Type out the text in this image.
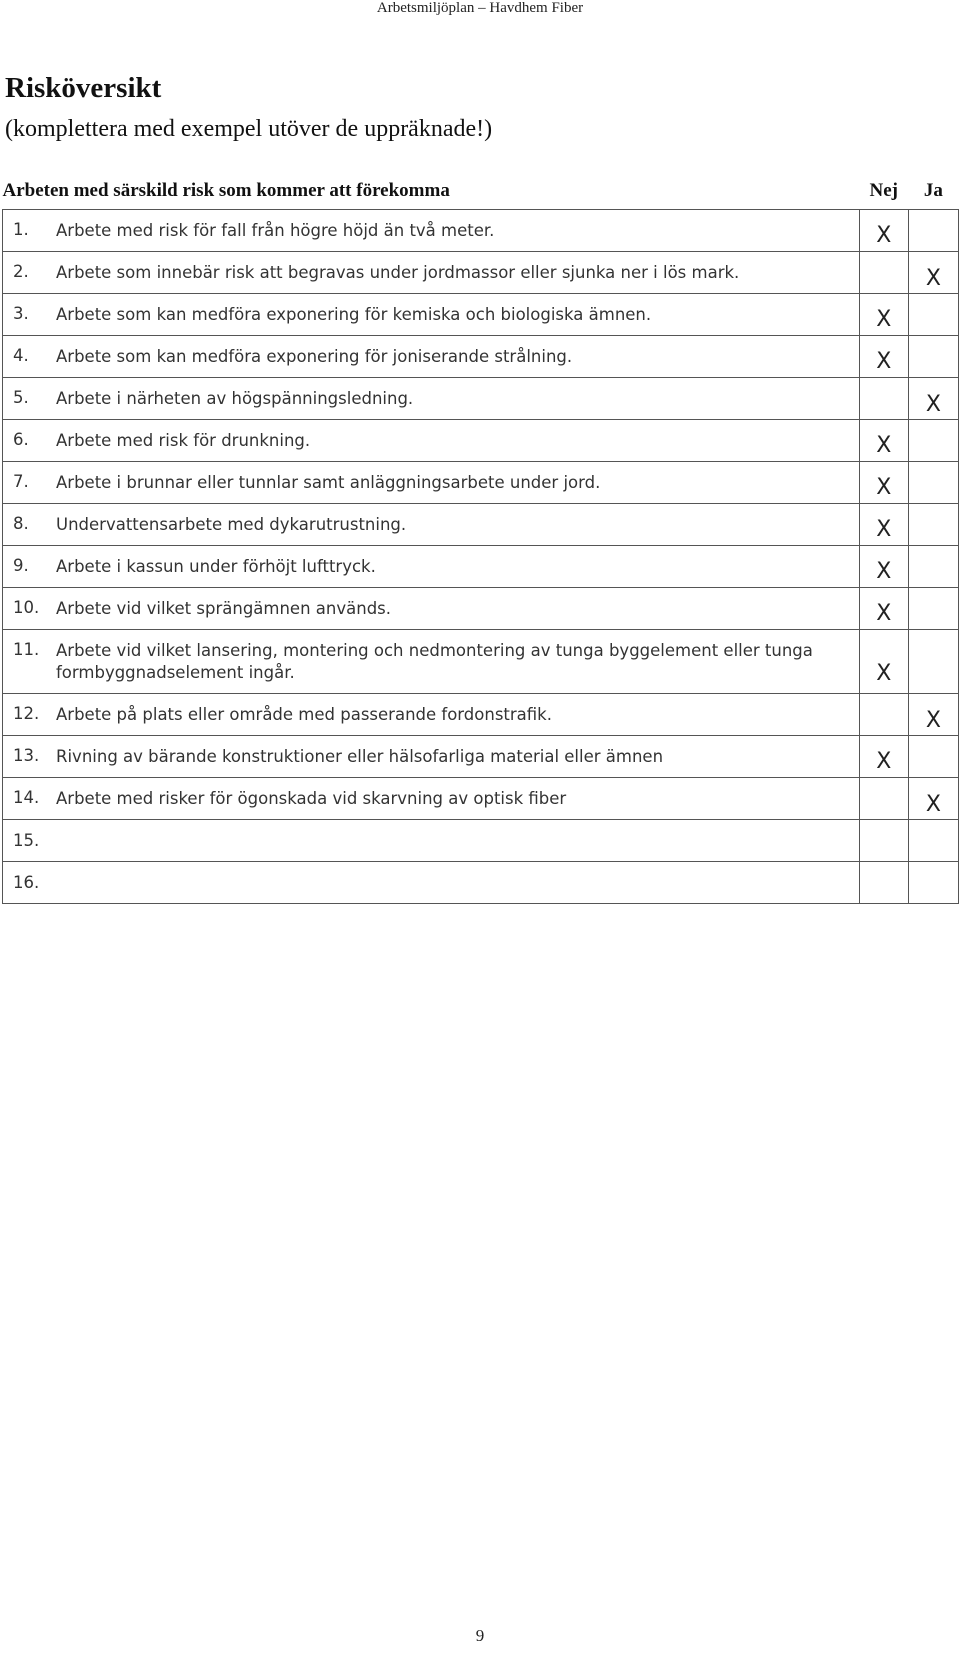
Arbetsmiljöplan – Havdhem Fiber
Risköversikt
(komplettera med exempel utöver de uppräknade!)
Arbeten med särskild risk som kommer att förekomma	Nej	Ja

1. Arbete med risk för fall från högre höjd än två meter.	X	

2. Arbete som innebär risk att begravas under jordmassor eller sjunka ner i lös mark.		X

3. Arbete som kan medföra exponering för kemiska och biologiska ämnen.	X	

4. Arbete som kan medföra exponering för joniserande strålning.	X	

5. Arbete i närheten av högspänningsledning.		X

6. Arbete med risk för drunkning.	X	

7. Arbete i brunnar eller tunnlar samt anläggningsarbete under jord.	X	

8. Undervattensarbete med dykarutrustning.	X	

9. Arbete i kassun under förhöjt lufttryck.	X	

10. Arbete vid vilket sprängämnen används.	X	

11. Arbete vid vilket lansering, montering och nedmontering av tunga byggelement eller tunga formbyggnadselement ingår.	X	

12. Arbete på plats eller område med passerande fordonstrafik.		X

13. Rivning av bärande konstruktioner eller hälsofarliga material eller ämnen	X	

14. Arbete med risker för ögonskada vid skarvning av optisk fiber		X

15.		

16.		

9
